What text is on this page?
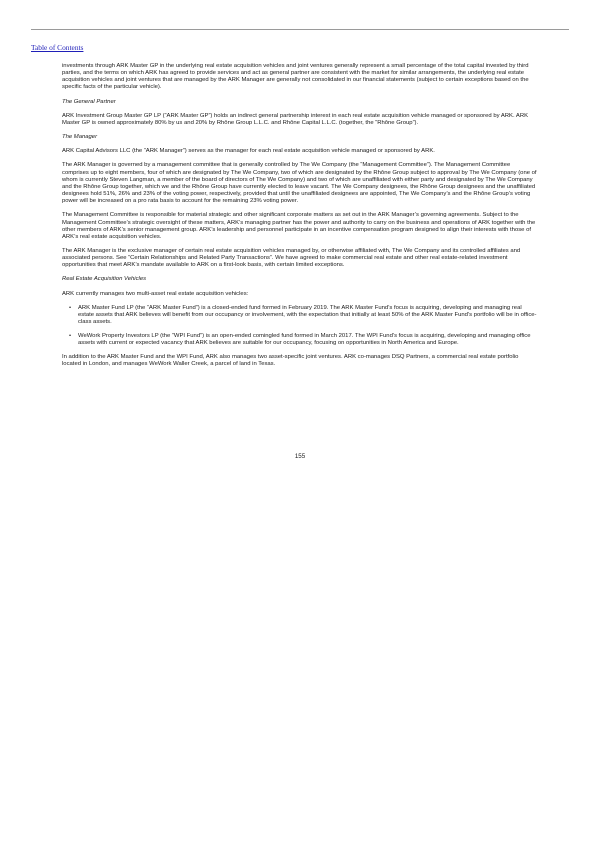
Table of Contents

investments through ARK Master GP in the underlying real estate acquisition vehicles and joint ventures generally represent a small percentage of the total capital invested by third parties, and the terms on which ARK has agreed to provide services and act as general partner are consistent with the market for similar arrangements, the underlying real estate acquisition vehicles and joint ventures that are managed by the ARK Manager are generally not consolidated in our financial statements (subject to certain exceptions based on the specific facts of the particular vehicle).

The General Partner

ARK Investment Group Master GP LP (“ARK Master GP”) holds an indirect general partnership interest in each real estate acquisition vehicle managed or sponsored by ARK. ARK Master GP is owned approximately 80% by us and 20% by Rhône Group L.L.C. and Rhône Capital L.L.C. (together, the “Rhône Group”).

The Manager

ARK Capital Advisors LLC (the “ARK Manager”) serves as the manager for each real estate acquisition vehicle managed or sponsored by ARK.

The ARK Manager is governed by a management committee that is generally controlled by The We Company (the “Management Committee”). The Management Committee comprises up to eight members, four of which are designated by The We Company, two of which are designated by the Rhône Group subject to approval by The We Company (one of whom is currently Steven Langman, a member of the board of directors of The We Company) and two of which are unaffiliated with either party and designated by The We Company and the Rhône Group together, which we and the Rhône Group have currently elected to leave vacant. The We Company designees, the Rhône Group designees and the unaffiliated designees hold 51%, 26% and 23% of the voting power, respectively, provided that until the unaffiliated designees are appointed, The We Company’s and the Rhône Group’s voting power will be increased on a pro rata basis to account for the remaining 23% voting power.

The Management Committee is responsible for material strategic and other significant corporate matters as set out in the ARK Manager’s governing agreements. Subject to the Management Committee’s strategic oversight of these matters, ARK’s managing partner has the power and authority to carry on the business and operations of ARK together with the other members of ARK’s senior management group. ARK’s leadership and personnel participate in an incentive compensation program designed to align their interests with those of ARK’s real estate acquisition vehicles.

The ARK Manager is the exclusive manager of certain real estate acquisition vehicles managed by, or otherwise affiliated with, The We Company and its controlled affiliates and associated persons. See “Certain Relationships and Related Party Transactions”. We have agreed to make commercial real estate and other real estate-related investment opportunities that meet ARK’s mandate available to ARK on a first-look basis, with certain limited exceptions.

Real Estate Acquisition Vehicles

ARK currently manages two multi-asset real estate acquisition vehicles:

• ARK Master Fund LP (the “ARK Master Fund”) is a closed-ended fund formed in February 2019. The ARK Master Fund’s focus is acquiring, developing and managing real estate assets that ARK believes will benefit from our occupancy or involvement, with the expectation that initially at least 50% of the ARK Master Fund’s portfolio will be in office-class assets.
• WeWork Property Investors LP (the “WPI Fund”) is an open-ended comingled fund formed in March 2017. The WPI Fund’s focus is acquiring, developing and managing office assets with current or expected vacancy that ARK believes are suitable for our occupancy, focusing on opportunities in North America and Europe.

In addition to the ARK Master Fund and the WPI Fund, ARK also manages two asset-specific joint ventures. ARK co-manages DSQ Partners, a commercial real estate portfolio located in London, and manages WeWork Waller Creek, a parcel of land in Texas.

155
